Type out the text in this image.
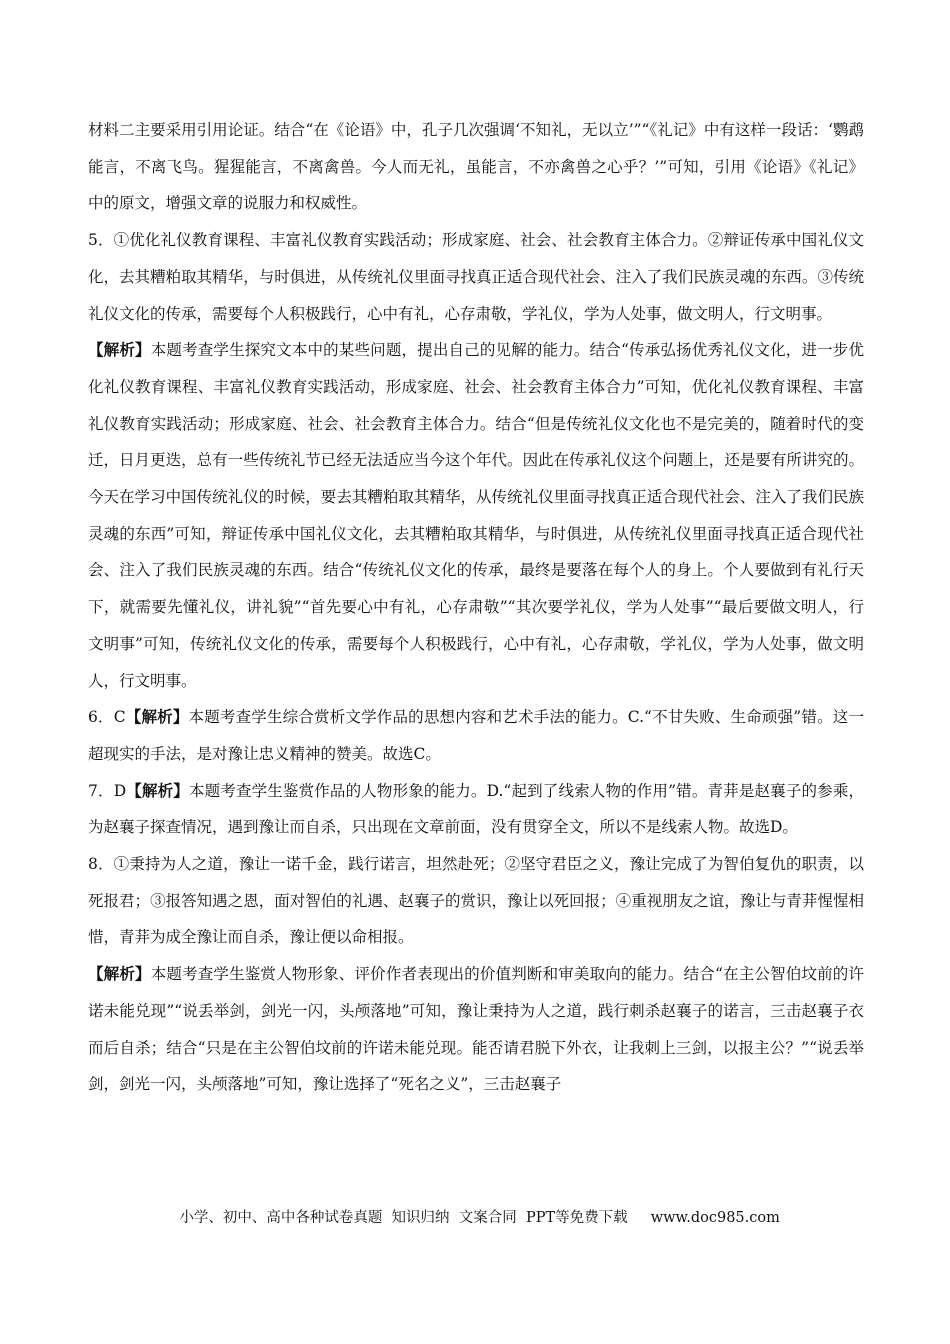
材料二主要采用引用论证。结合“在《论语》中，孔子几次强调‘不知礼，无以立’”“《礼记》中有这样一段话：‘鹦鹉能言，不离飞鸟。猩猩能言，不离禽兽。今人而无礼，虽能言，不亦禽兽之心乎？’”可知，引用《论语》《礼记》中的原文，增强文章的说服力和权威性。

5．①优化礼仪教育课程、丰富礼仪教育实践活动；形成家庭、社会、社会教育主体合力。②辩证传承中国礼仪文化，去其糟粕取其精华，与时俱进，从传统礼仪里面寻找真正适合现代社会、注入了我们民族灵魂的东西。③传统礼仪文化的传承，需要每个人积极践行，心中有礼，心存肃敬，学礼仪，学为人处事，做文明人，行文明事。

【解析】本题考查学生探究文本中的某些问题，提出自己的见解的能力。结合“传承弘扬优秀礼仪文化，进一步优化礼仪教育课程、丰富礼仪教育实践活动，形成家庭、社会、社会教育主体合力”可知，优化礼仪教育课程、丰富礼仪教育实践活动；形成家庭、社会、社会教育主体合力。结合“但是传统礼仪文化也不是完美的，随着时代的变迁，日月更迭，总有一些传统礼节已经无法适应当今这个年代。因此在传承礼仪这个问题上，还是要有所讲究的。今天在学习中国传统礼仪的时候，要去其糟粕取其精华，从传统礼仪里面寻找真正适合现代社会、注入了我们民族灵魂的东西”可知，辩证传承中国礼仪文化，去其糟粕取其精华，与时俱进，从传统礼仪里面寻找真正适合现代社会、注入了我们民族灵魂的东西。结合“传统礼仪文化的传承，最终是要落在每个人的身上。个人要做到有礼行天下，就需要先懂礼仪，讲礼貌”“首先要心中有礼，心存肃敬”“其次要学礼仪，学为人处事”“最后要做文明人，行文明事”可知，传统礼仪文化的传承，需要每个人积极践行，心中有礼，心存肃敬，学礼仪，学为人处事，做文明人，行文明事。

6．C【解析】本题考查学生综合赏析文学作品的思想内容和艺术手法的能力。C.“不甘失败、生命顽强”错。这一超现实的手法，是对豫让忠义精神的赞美。故选C。

7．D【解析】本题考查学生鉴赏作品的人物形象的能力。D.“起到了线索人物的作用”错。青荓是赵襄子的参乘，为赵襄子探查情况，遇到豫让而自杀，只出现在文章前面，没有贯穿全文，所以不是线索人物。故选D。

8．①秉持为人之道，豫让一诺千金，践行诺言，坦然赴死；②坚守君臣之义，豫让完成了为智伯复仇的职责，以死报君；③报答知遇之恩，面对智伯的礼遇、赵襄子的赏识，豫让以死回报；④重视朋友之谊，豫让与青荓惺惺相惜，青荓为成全豫让而自杀，豫让便以命相报。

【解析】本题考查学生鉴赏人物形象、评价作者表现出的价值判断和审美取向的能力。结合“在主公智伯坟前的许诺未能兑现”“说丢举剑，剑光一闪，头颅落地”可知，豫让秉持为人之道，践行刺杀赵襄子的诺言，三击赵襄子衣而后自杀；结合“只是在主公智伯坟前的许诺未能兑现。能否请君脱下外衣，让我刺上三剑，以报主公？”“说丢举剑，剑光一闪，头颅落地”可知，豫让选择了“死名之义”，三击赵襄子

小学、初中、高中各种试卷真题  知识归纳  文案合同  PPT等免费下载     www.doc985.com
